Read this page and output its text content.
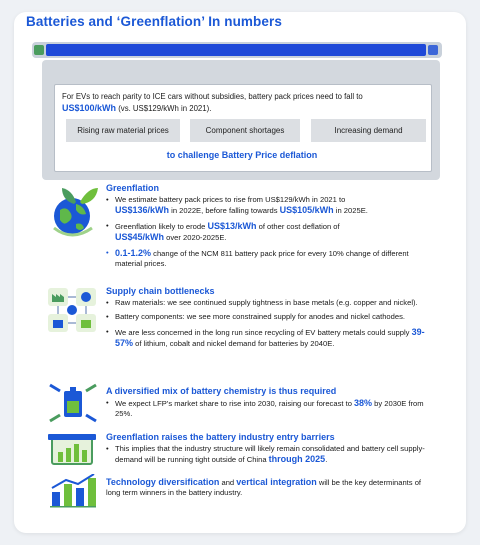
Batteries and ‘Greenflation’ In numbers
For EVs to reach parity to ICE cars without subsidies, battery pack prices need to fall to
US$100/kWh (vs. US$129/kWh in 2021).
Rising raw material prices	Component shortages	Increasing demand
to challenge Battery Price deflation
Greenflation
• We estimate battery pack prices to rise from US$129/kWh in 2021 to
US$136/kWh in 2022E, before falling towards US$105/kWh in 2025E.
• Greenflation likely to erode US$13/kWh of other cost deflation of
US$45/kWh over 2020-2025E.
• 0.1-1.2% change of the NCM 811 battery pack price for every 10% change of different material prices.
Supply chain bottlenecks
• Raw materials: we see continued supply tightness in base metals (e.g. copper and nickel).
• Battery components: we see more constrained supply for anodes and nickel cathodes.
• We are less concerned in the long run since recycling of EV battery metals could supply 39-57% of lithium, cobalt and nickel demand for batteries by 2040E.
A diversified mix of battery chemistry is thus required
• We expect LFP’s market share to rise into 2030, raising our forecast to 38% by 2030E from 25%.
Greenflation raises the battery industry entry barriers
• This implies that the industry structure will likely remain consolidated and battery cell supply-demand will be running tight outside of China through 2025.
Technology diversification and vertical integration will be the key determinants of long term winners in the battery industry.
